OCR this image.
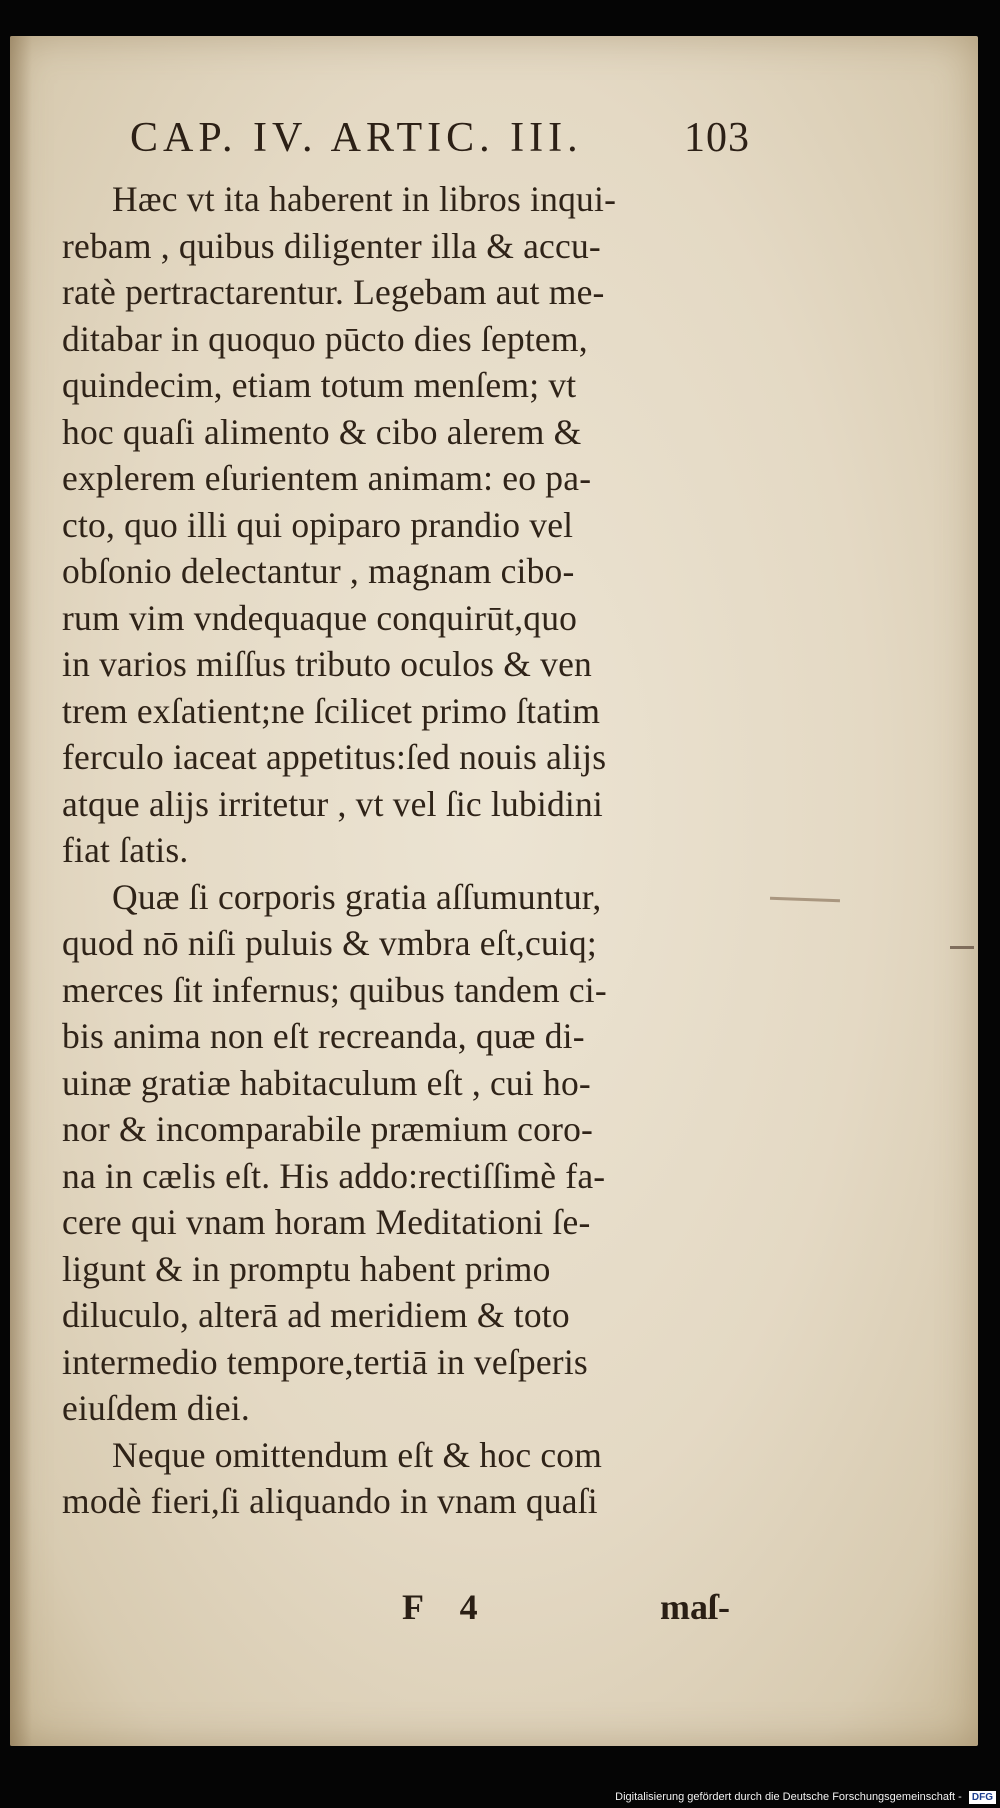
CAP. IV. ARTIC. III. 103
Hæc vt ita haberent in libros inqui-
rebam , quibus diligenter illa & accu-
ratè pertractarentur. Legebam aut me-
ditabar in quoquo pūcto dies ſeptem,
quindecim, etiam totum menſem; vt
hoc quaſi alimento & cibo alerem &
explerem eſurientem animam: eo pa-
cto, quo illi qui opiparo prandio vel
obſonio delectantur , magnam cibo-
rum vim vndequaque conquirūt,quo
in varios miſſus tributo oculos & ven
trem exſatient;ne ſcilicet primo ſtatim
ferculo iaceat appetitus:ſed nouis alijs
atque alijs irritetur , vt vel ſic lubidini
fiat ſatis.
Quæ ſi corporis gratia aſſumuntur,
quod nō niſi puluis & vmbra eſt,cuiq;
merces ſit infernus; quibus tandem ci-
bis anima non eſt recreanda, quæ di-
uinæ gratiæ habitaculum eſt , cui ho-
nor & incomparabile præmium coro-
na in cælis eſt. His addo:rectiſſimè fa-
cere qui vnam horam Meditationi ſe-
ligunt & in promptu habent primo
diluculo, alterā ad meridiem & toto
intermedio tempore,tertiā in veſperis
eiuſdem diei.
Neque omittendum eſt & hoc com
modè fieri,ſi aliquando in vnam quaſi
F 4	maſ-
Digitalisierung gefördert durch die Deutsche Forschungsgemeinschaft - DFG
